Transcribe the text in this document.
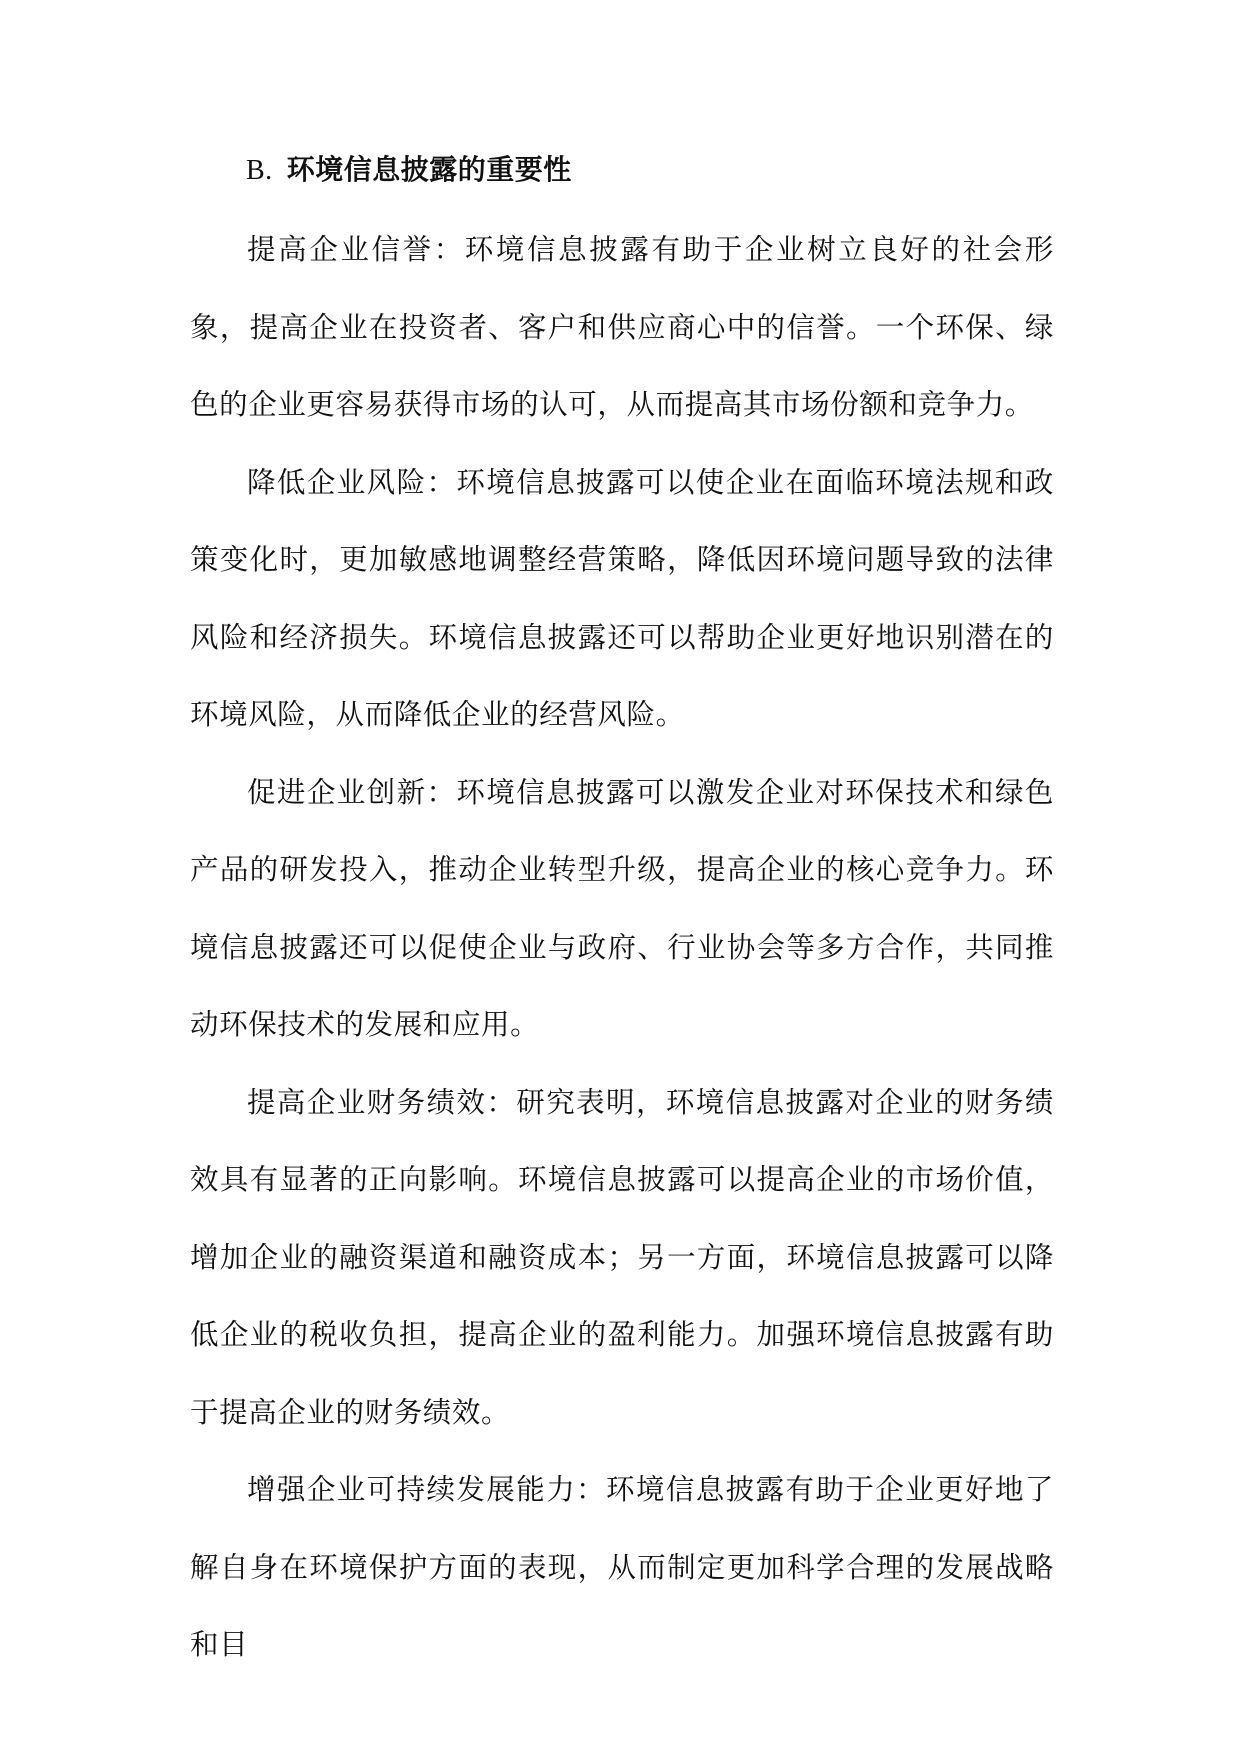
B. 环境信息披露的重要性

提高企业信誉：环境信息披露有助于企业树立良好的社会形象，提高企业在投资者、客户和供应商心中的信誉。一个环保、绿色的企业更容易获得市场的认可，从而提高其市场份额和竞争力。

降低企业风险：环境信息披露可以使企业在面临环境法规和政策变化时，更加敏感地调整经营策略，降低因环境问题导致的法律风险和经济损失。环境信息披露还可以帮助企业更好地识别潜在的环境风险，从而降低企业的经营风险。

促进企业创新：环境信息披露可以激发企业对环保技术和绿色产品的研发投入，推动企业转型升级，提高企业的核心竞争力。环境信息披露还可以促使企业与政府、行业协会等多方合作，共同推动环保技术的发展和应用。

提高企业财务绩效：研究表明，环境信息披露对企业的财务绩效具有显著的正向影响。环境信息披露可以提高企业的市场价值，增加企业的融资渠道和融资成本；另一方面，环境信息披露可以降低企业的税收负担，提高企业的盈利能力。加强环境信息披露有助于提高企业的财务绩效。

增强企业可持续发展能力：环境信息披露有助于企业更好地了解自身在环境保护方面的表现，从而制定更加科学合理的发展战略和目
